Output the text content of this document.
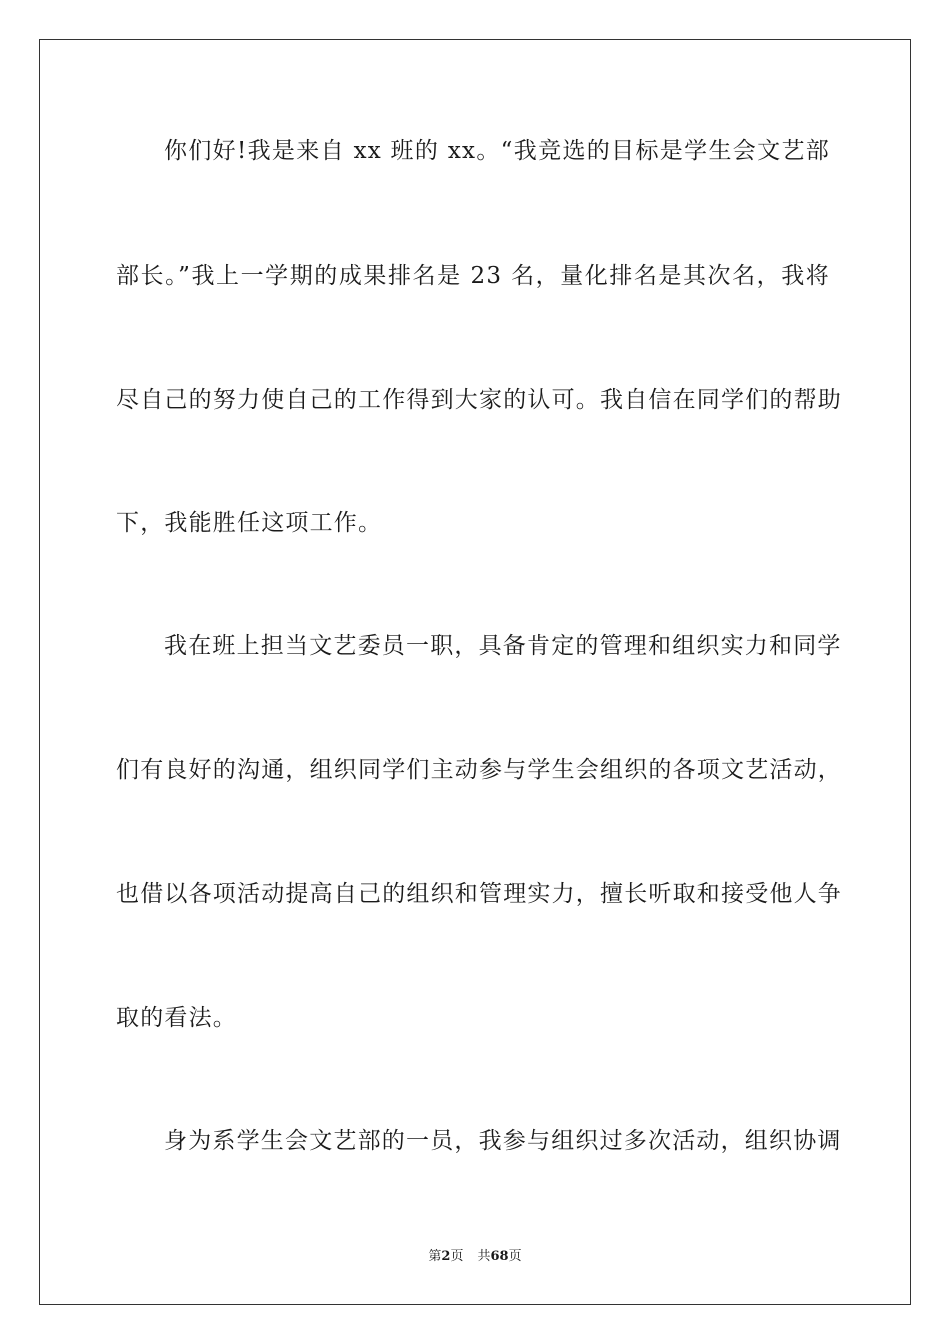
你们好!我是来自 xx 班的 xx。“我竞选的目标是学生会文艺部
部长。”我上一学期的成果排名是 23 名，量化排名是其次名，我将
尽自己的努力使自己的工作得到大家的认可。我自信在同学们的帮助
下，我能胜任这项工作。
我在班上担当文艺委员一职，具备肯定的管理和组织实力和同学
们有良好的沟通，组织同学们主动参与学生会组织的各项文艺活动，
也借以各项活动提高自己的组织和管理实力，擅长听取和接受他人争
取的看法。
身为系学生会文艺部的一员，我参与组织过多次活动，组织协调
第2页 共68页
